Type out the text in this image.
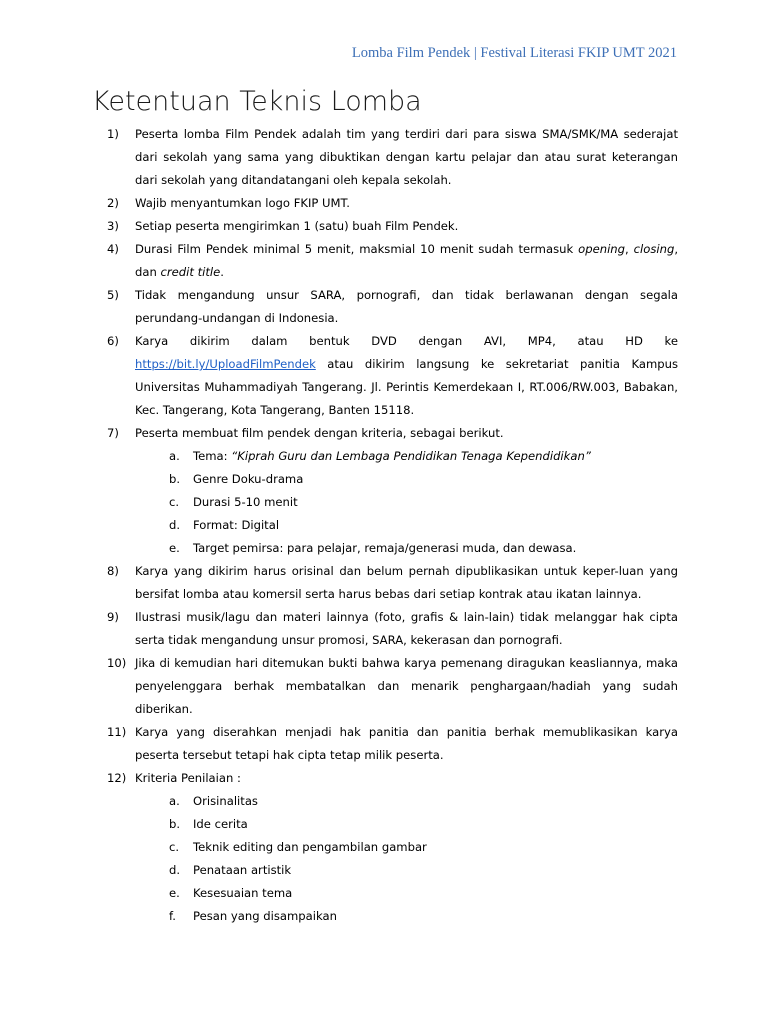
Lomba Film Pendek | Festival Literasi FKIP UMT 2021
Ketentuan Teknis Lomba
1) Peserta lomba Film Pendek adalah tim yang terdiri dari para siswa SMA/SMK/MA sederajat dari sekolah yang sama yang dibuktikan dengan kartu pelajar dan atau surat keterangan dari sekolah yang ditandatangani oleh kepala sekolah.
2) Wajib menyantumkan logo FKIP UMT.
3) Setiap peserta mengirimkan 1 (satu) buah Film Pendek.
4) Durasi Film Pendek minimal 5 menit, maksmial 10 menit sudah termasuk opening, closing, dan credit title.
5) Tidak mengandung unsur SARA, pornografi, dan tidak berlawanan dengan segala perundang-undangan di Indonesia.
6) Karya dikirim dalam bentuk DVD dengan AVI, MP4, atau HD ke https://bit.ly/UploadFilmPendek atau dikirim langsung ke sekretariat panitia Kampus Universitas Muhammadiyah Tangerang. Jl. Perintis Kemerdekaan I, RT.006/RW.003, Babakan, Kec. Tangerang, Kota Tangerang, Banten 15118.
7) Peserta membuat film pendek dengan kriteria, sebagai berikut.
a. Tema: “Kiprah Guru dan Lembaga Pendidikan Tenaga Kependidikan”
b. Genre Doku-drama
c. Durasi 5-10 menit
d. Format: Digital
e. Target pemirsa: para pelajar, remaja/generasi muda, dan dewasa.
8) Karya yang dikirim harus orisinal dan belum pernah dipublikasikan untuk keper-luan yang bersifat lomba atau komersil serta harus bebas dari setiap kontrak atau ikatan lainnya.
9) Ilustrasi musik/lagu dan materi lainnya (foto, grafis & lain-lain) tidak melanggar hak cipta serta tidak mengandung unsur promosi, SARA, kekerasan dan pornografi.
10) Jika di kemudian hari ditemukan bukti bahwa karya pemenang diragukan keasliannya, maka penyelenggara berhak membatalkan dan menarik penghargaan/hadiah yang sudah diberikan.
11) Karya yang diserahkan menjadi hak panitia dan panitia berhak memublikasikan karya peserta tersebut tetapi hak cipta tetap milik peserta.
12) Kriteria Penilaian :
a. Orisinalitas
b. Ide cerita
c. Teknik editing dan pengambilan gambar
d. Penataan artistik
e. Kesesuaian tema
f. Pesan yang disampaikan
